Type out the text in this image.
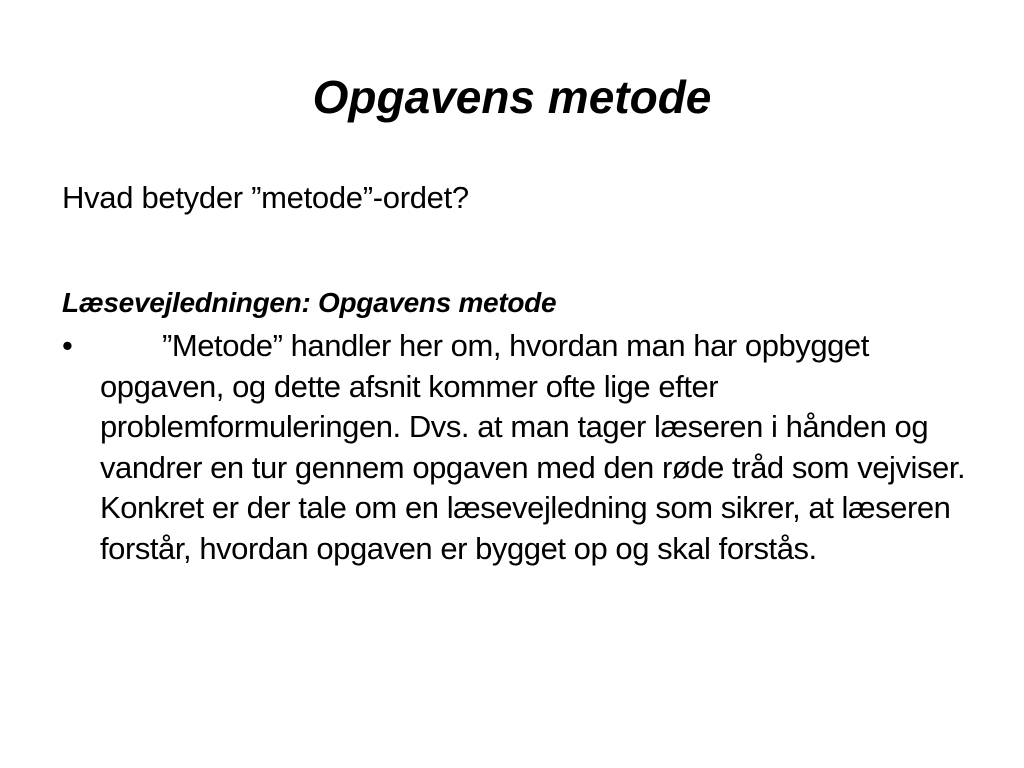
Opgavens metode

Hvad betyder ”metode”-ordet?

Læsevejledningen: Opgavens metode

•	”Metode” handler her om, hvordan man har opbygget opgaven, og dette afsnit kommer ofte lige efter problemformuleringen. Dvs. at man tager læseren i hånden og vandrer en tur gennem opgaven med den røde tråd som vejviser. Konkret er der tale om en læsevejledning som sikrer, at læseren forstår, hvordan opgaven er bygget op og skal forstås.
